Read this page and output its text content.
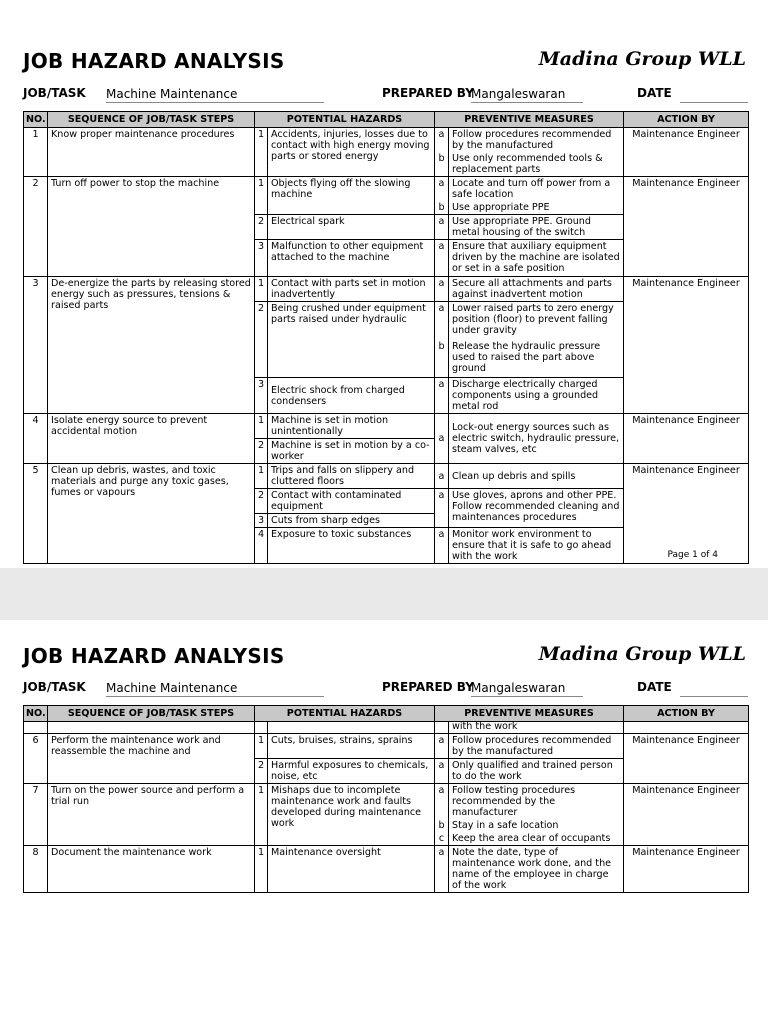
JOB HAZARD ANALYSIS	Madina Group WLL
JOB/TASK Machine Maintenance	PREPARED BY
Mangaleswaran	DATE
NO.	SEQUENCE OF JOB/TASK STEPS	POTENTIAL HAZARDS		PREVENTIVE MEASURES		ACTION BY
1	Know proper maintenance procedures	1	Accidents, injuries, losses due to contact with high energy moving parts or stored energy	a	Follow procedures recommended by the manufactured	Maintenance Engineer
				b	Use only recommended tools & replacement parts	
2	Turn off power to stop the machine	1	Objects flying off the slowing machine	a	Locate and turn off power from a safe location	Maintenance Engineer
				b	Use appropriate PPE	
		2	Electrical spark	a	Use appropriate PPE. Ground metal housing of the switch	
		3	Malfunction to other equipment attached to the machine	a	Ensure that auxiliary equipment driven by the machine are isolated or set in a safe position	
3	De-energize the parts by releasing stored energy such as pressures, tensions & raised parts	1	Contact with parts set in motion inadvertently	a	Secure all attachments and parts against inadvertent motion	Maintenance Engineer
		2	Being crushed under equipment parts raised under hydraulic	a	Lower raised parts to zero energy position (floor) to prevent falling under gravity	
				b	Release the hydraulic pressure used to raised the part above ground	
		3	Electric shock from charged condensers	a	Discharge electrically charged components using a grounded metal rod	
4	Isolate energy source to prevent accidental motion	1	Machine is set in motion unintentionally	a	Lock-out energy sources such as electric switch, hydraulic pressure, steam valves, etc	Maintenance Engineer
		2	Machine is set in motion by a co-worker			
5	Clean up debris, wastes, and toxic materials and purge any toxic gases, fumes or vapours	1	Trips and falls on slippery and cluttered floors	a	Clean up debris and spills	Maintenance Engineer
		2	Contact with contaminated equipment	a	Use gloves, aprons and other PPE. Follow recommended cleaning and maintenances procedures	
		3	Cuts from sharp edges			
		4	Exposure to toxic substances	a	Monitor work environment to ensure that it is safe to go ahead with the work		Page 1 of 4
JOB HAZARD ANALYSIS	Madina Group WLL
JOB/TASK Machine Maintenance	PREPARED BY
Mangaleswaran	DATE
NO.	SEQUENCE OF JOB/TASK STEPS	POTENTIAL HAZARDS		PREVENTIVE MEASURES		ACTION BY
					with the work	
6	Perform the maintenance work and reassemble the machine and	1	Cuts, bruises, strains, sprains	a	Follow procedures recommended by the manufactured	Maintenance Engineer
		2	Harmful exposures to chemicals, noise, etc	a	Only qualified and trained person to do the work	
7	Turn on the power source and perform a trial run	1	Mishaps due to incomplete maintenance work and faults developed during maintenance work	a	Follow testing procedures recommended by the manufacturer	Maintenance Engineer
				b	Stay in a safe location	
				c	Keep the area clear of occupants	
8	Document the maintenance work	1	Maintenance oversight	a	Note the date, type of maintenance work done, and the name of the employee in charge of the work	Maintenance Engineer
